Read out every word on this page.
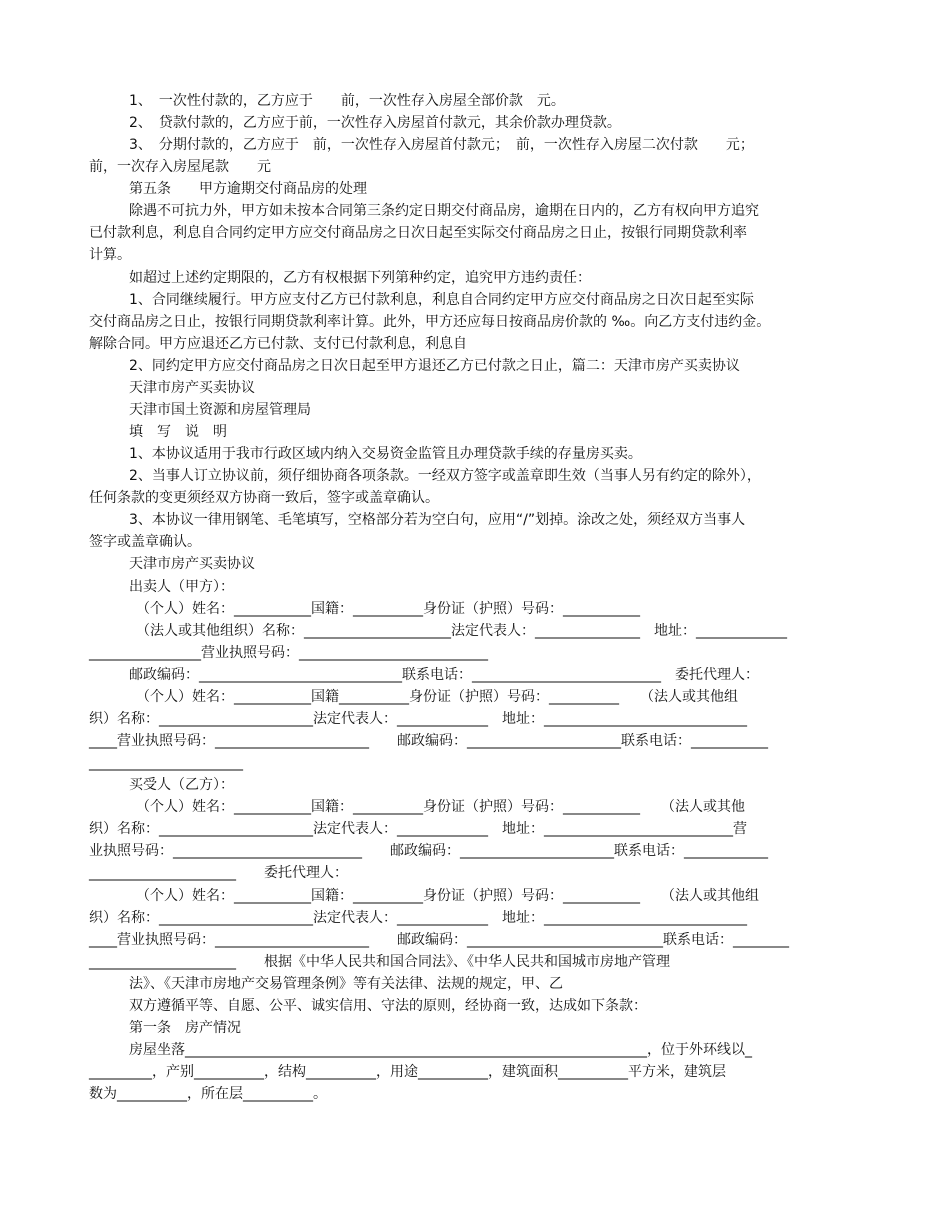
1、　一次性付款的，乙方应于　　前，一次性存入房屋全部价款　元。
2、　贷款付款的，乙方应于前，一次性存入房屋首付款元，其余价款办理贷款。
3、　分期付款的，乙方应于　前，一次性存入房屋首付款元；　前，一次性存入房屋二次付款　　元；
前，一次存入房屋尾款　　元
第五条　　甲方逾期交付商品房的处理
除遇不可抗力外，甲方如未按本合同第三条约定日期交付商品房，逾期在日内的，乙方有权向甲方追究
已付款利息，利息自合同约定甲方应交付商品房之日次日起至实际交付商品房之日止，按银行同期贷款利率
计算。
如超过上述约定期限的，乙方有权根据下列第种约定，追究甲方违约责任：
1、合同继续履行。甲方应支付乙方已付款利息，利息自合同约定甲方应交付商品房之日次日起至实际
交付商品房之日止，按银行同期贷款利率计算。此外，甲方还应每日按商品房价款的 ‰。向乙方支付违约金。
解除合同。甲方应退还乙方已付款、支付已付款利息，利息自
2、同约定甲方应交付商品房之日次日起至甲方退还乙方已付款之日止，篇二：天津市房产买卖协议
天津市房产买卖协议
天津市国土资源和房屋管理局
填　写　说　明
1、本协议适用于我市行政区域内纳入交易资金监管且办理贷款手续的存量房买卖。
2、当事人订立协议前，须仔细协商各项条款。一经双方签字或盖章即生效（当事人另有约定的除外），
任何条款的变更须经双方协商一致后，签字或盖章确认。
3、本协议一律用钢笔、毛笔填写，空格部分若为空白句，应用“/”划掉。涂改之处，须经双方当事人
签字或盖章确认。
天津市房产买卖协议
出卖人（甲方）：
　（个人）姓名：___________国籍：__________身份证（护照）号码：___________
　（法人或其他组织）名称：_____________________法定代表人：_______________　地址：_____________
________________营业执照号码：___________________________
邮政编码：_____________________________联系电话：___________________________　委托代理人：
　（个人）姓名：___________国籍__________身份证（护照）号码：__________　　（法人或其他组
织）名称：______________________法定代表人：_____________　地址：_____________________________
____营业执照号码：______________________　　邮政编码：______________________联系电话：___________
______________________
买受人（乙方）：
　（个人）姓名：___________国籍：__________身份证（护照）号码：___________　　（法人或其他
织）名称：______________________法定代表人：_____________　地址：___________________________营
业执照号码：___________________________　　邮政编码：______________________联系电话：____________
_____________________　　委托代理人：
　（个人）姓名：___________国籍：__________身份证（护照）号码：___________　　（法人或其他组
织）名称：______________________法定代表人：_____________　地址：_____________________________
____营业执照号码：______________________　　邮政编码：____________________________联系电话：________
_____________________　　根据《中华人民共和国合同法》、《中华人民共和国城市房地产管理
法》、《天津市房地产交易管理条例》等有关法律、法规的规定，甲、乙
双方遵循平等、自愿、公平、诚实信用、守法的原则，经协商一致，达成如下条款：
第一条　房产情况
房屋坐落__________________________________________________________________，位于外环线以_
_________，产别__________，结构__________，用途__________，建筑面积__________平方米，建筑层
数为__________，所在层__________。
